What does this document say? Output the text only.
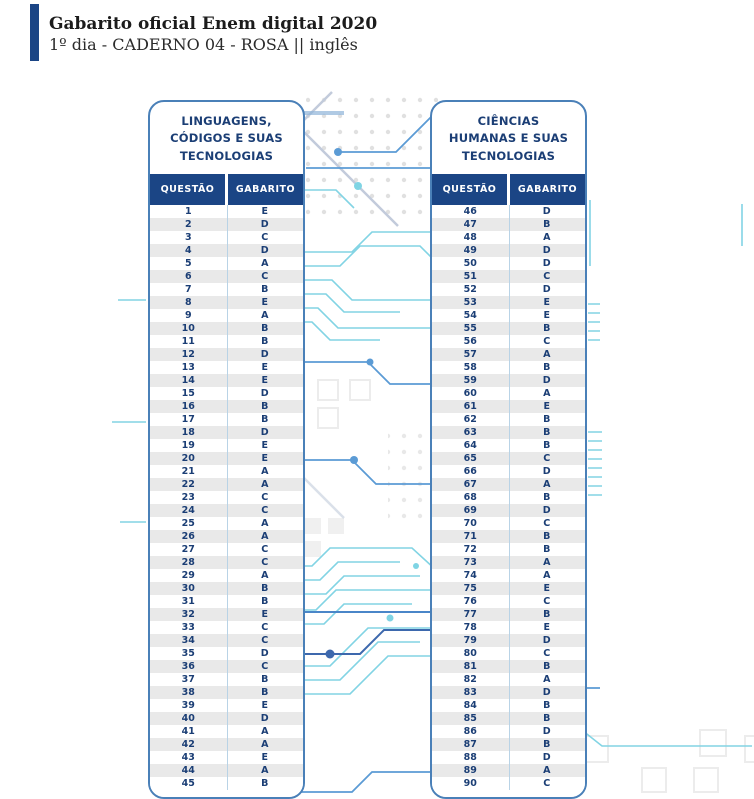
Gabarito oficial Enem digital 2020
1º dia - CADERNO 04 - ROSA || inglês
LINGUAGENS, CÓDIGOS E SUAS TECNOLOGIAS
QUESTÃO	GABARITO
1	E
2	D
3	C
4	D
5	A
6	C
7	B
8	E
9	A
10	B
11	B
12	D
13	E
14	E
15	D
16	B
17	B
18	D
19	E
20	E
21	A
22	A
23	C
24	C
25	A
26	A
27	C
28	C
29	A
30	B
31	B
32	E
33	C
34	C
35	D
36	C
37	B
38	B
39	E
40	D
41	A
42	A
43	E
44	A
45	B
CIÊNCIAS HUMANAS E SUAS TECNOLOGIAS
QUESTÃO	GABARITO
46	D
47	B
48	A
49	D
50	D
51	C
52	D
53	E
54	E
55	B
56	C
57	A
58	B
59	D
60	A
61	E
62	B
63	B
64	B
65	C
66	D
67	A
68	B
69	D
70	C
71	B
72	B
73	A
74	A
75	E
76	C
77	B
78	E
79	D
80	C
81	B
82	A
83	D
84	B
85	B
86	D
87	B
88	D
89	A
90	C
